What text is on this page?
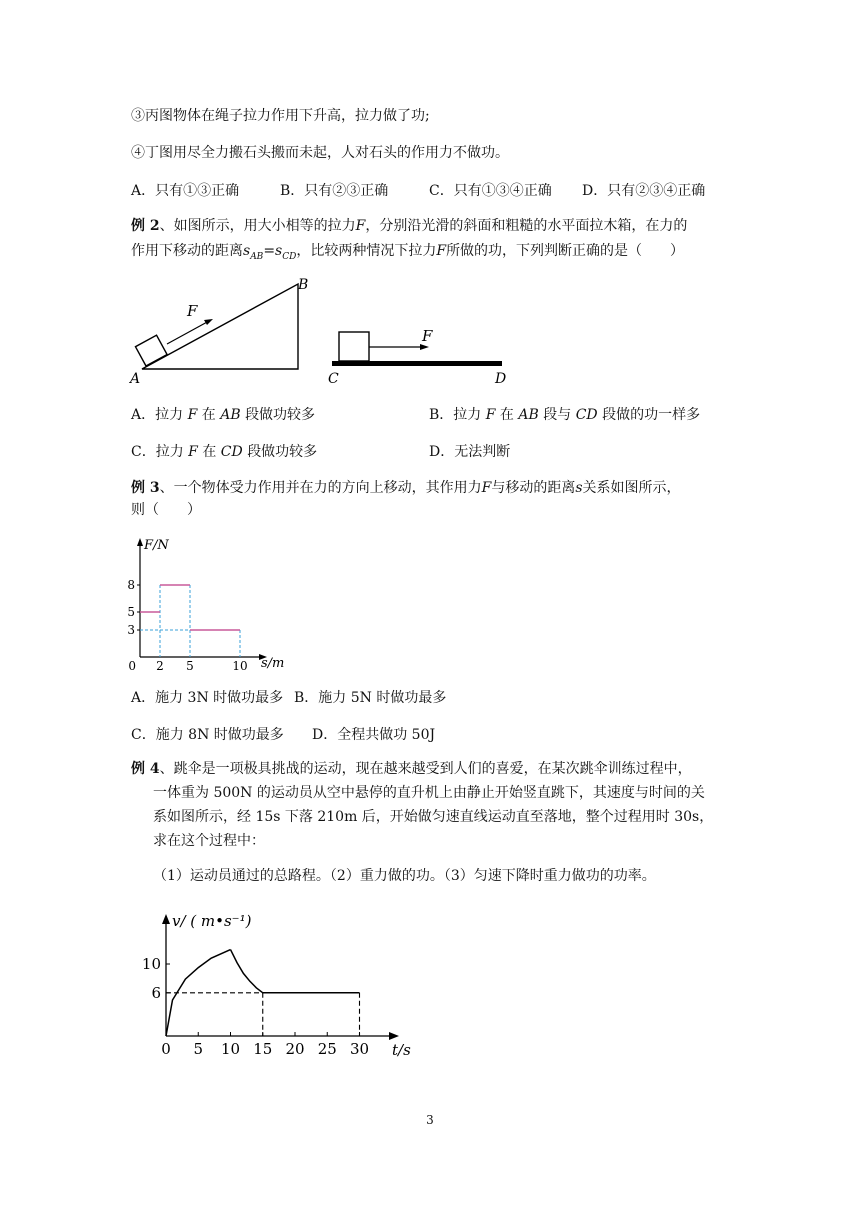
③丙图物体在绳子拉力作用下升高，拉力做了功;

④丁图用尽全力搬石头搬而未起，人对石头的作用力不做功。

A．只有①③正确	B．只有②③正确	C．只有①③④正确 D．只有②③④正确

例 2、如图所示，用大小相等的拉力F，分别沿光滑的斜面和粗糙的水平面拉木箱，在力的

作用下移动的距离$s_{AB}=s_{CD}$，比较两种情况下拉力F所做的功，下列判断正确的是（　　）

F
A
B
F
C	D
A．拉力 F 在 AB 段做功较多	B．拉力 F 在 AB 段与 CD 段做的功一样多
C．拉力 F 在 CD 段做功较多	D．无法判断

例 3、一个物体受力作用并在力的方向上移动，其作用力F与移动的距离s关系如图所示，

则（　　）

F/N
s/m
0 2 5	10
3
5
8
A．施力 3N 时做功最多 B．施力 5N 时做功最多
C．施力 8N 时做功最多 D．全程共做功 50J

例 4、跳伞是一项极具挑战的运动，现在越来越受到人们的喜爱，在某次跳伞训练过程中，

一体重为 500N 的运动员从空中悬停的直升机上由静止开始竖直跳下，其速度与时间的关

系如图所示，经 15s 下落 210m 后，开始做匀速直线运动直至落地，整个过程用时 30s，

求在这个过程中：

（1）运动员通过的总路程。（2）重力做的功。（3）匀速下降时重力做功的功率。

v/ ( m•s⁻¹)
t/s
0 5 10 15 20 25 30
6
10
3
